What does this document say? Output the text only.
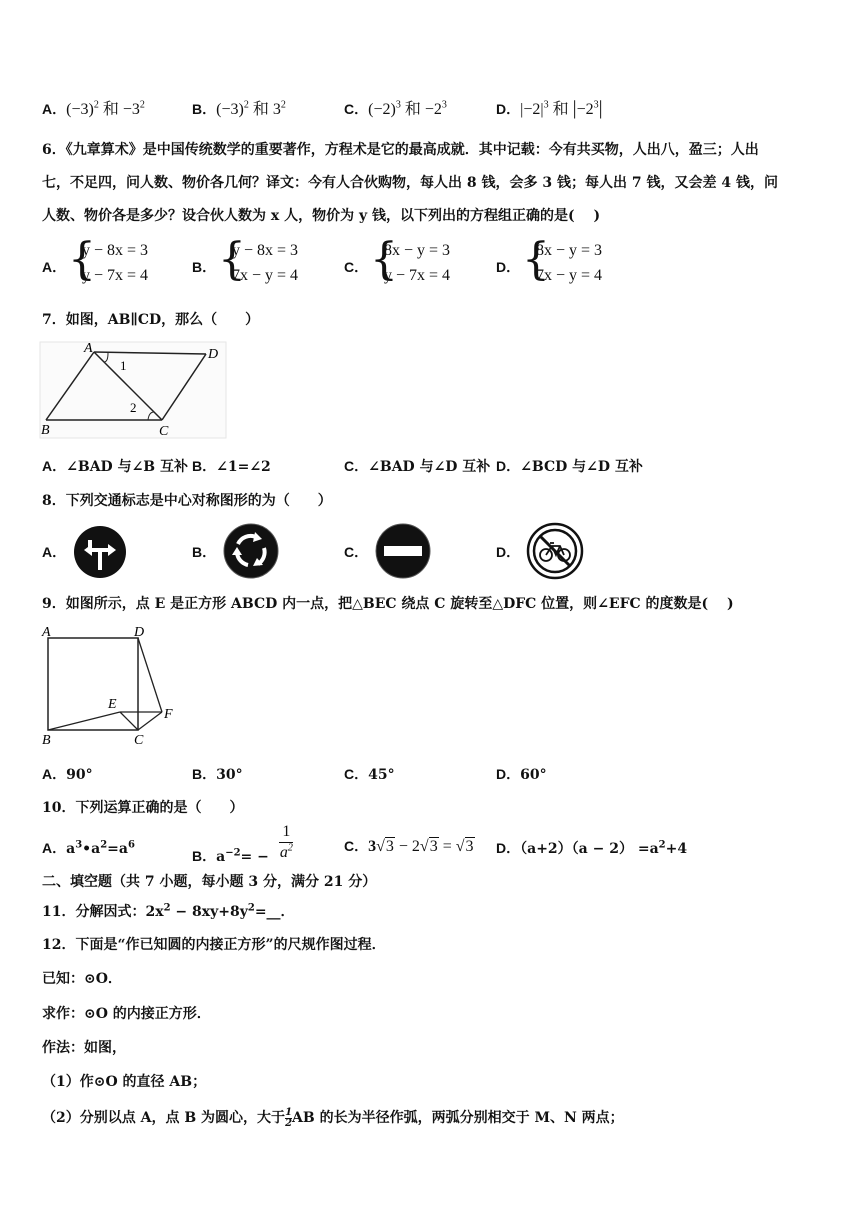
A．$(-3)^2$ 和 $-3^2$	B．$(-3)^2$ 和 $3^2$	C．$(-2)^3$ 和 $-2^3$	D．$|-2|^3$ 和 $|-2^3|$
6．《九章算术》是中国传统数学的重要著作，方程术是它的最高成就．其中记载：今有共买物，人出八，盈三；人出
七，不足四，问人数、物价各几何？译文：今有人合伙购物，每人出 8 钱，会多 3 钱；每人出 7 钱，又会差 4 钱，问
人数、物价各是多少？设合伙人数为 x 人，物价为 y 钱，以下列出的方程组正确的是(　 )
A． {
y − 8x = 3
y − 7x = 4	B． {
y − 8x = 3
7x − y = 4	C． {
8x − y = 3
y − 7x = 4	D． {
8x − y = 3
7x − y = 4
7．如图，AB∥CD，那么（　　）
A	D
B	C
1
2
A．∠BAD 与∠B 互补 B．∠1=∠2	C．∠BAD 与∠D 互补 D．∠BCD 与∠D 互补
8．下列交通标志是中心对称图形的为（　　）
A．	B．	C．	D．
9．如图所示，点 E 是正方形 ABCD 内一点，把△BEC 绕点 C 旋转至△DFC 位置，则∠EFC 的度数是(　 )
A	D
B	C
E
F
A．90°	B．30°	C．45°	D．60°
10．下列运算正确的是（　　）
A．$a^3•a^2=a^6$
B．$a^{-2}= - \frac{1}{a^2}$	C．3√3 − 2√3 = √3 D．$(a+2)(a - 2) =a^2+4$
二、填空题（共 7 小题，每小题 3 分，满分 21 分）
11．分解因式：$2x^2$ − $8xy+8y^2=\_\_$．
12．下面是“作已知圆的内接正方形”的尺规作图过程．
已知：⊙O．
求作：⊙O 的内接正方形．
作法：如图，
（1）作⊙O 的直径 AB；
（2）分别以点 A，点 B 为圆心，大于 $\frac{1}{2}$ AB 的长为半径作弧，两弧分别相交于 M、N 两点；
